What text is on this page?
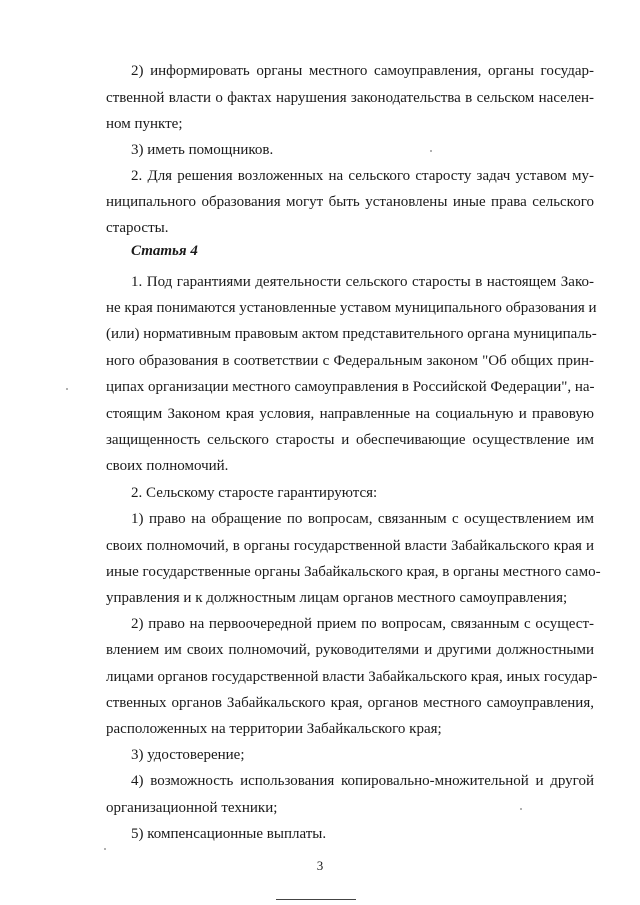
2) информировать органы местного самоуправления, органы государ-
ственной власти о фактах нарушения законодательства в сельском населен-
ном пункте;
3) иметь помощников.
2. Для решения возложенных на сельского старосту задач уставом му-
ниципального образования могут быть установлены иные права сельского
старосты.
Статья 4
1. Под гарантиями деятельности сельского старосты в настоящем Зако-
не края понимаются установленные уставом муниципального образования и
(или) нормативным правовым актом представительного органа муниципаль-
ного образования в соответствии с Федеральным законом "Об общих прин-
ципах организации местного самоуправления в Российской Федерации", на-
стоящим Законом края условия, направленные на социальную и правовую
защищенность сельского старосты и обеспечивающие осуществление им
своих полномочий.
2. Сельскому старосте гарантируются:
1) право на обращение по вопросам, связанным с осуществлением им
своих полномочий, в органы государственной власти Забайкальского края и
иные государственные органы Забайкальского края, в органы местного само-
управления и к должностным лицам органов местного самоуправления;
2) право на первоочередной прием по вопросам, связанным с осущест-
влением им своих полномочий, руководителями и другими должностными
лицами органов государственной власти Забайкальского края, иных государ-
ственных органов Забайкальского края, органов местного самоуправления,
расположенных на территории Забайкальского края;
3) удостоверение;
4) возможность использования копировально-множительной и другой
организационной техники;
5) компенсационные выплаты.
3
